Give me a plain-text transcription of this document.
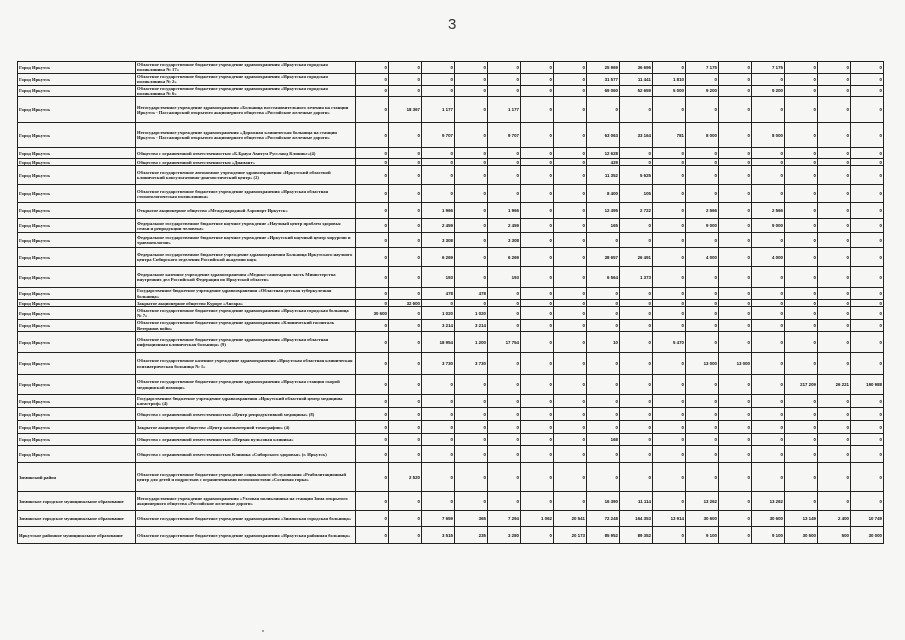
3
Город Иркутск	Областное государственное бюджетное учреждение здравоохранения «Иркутская городская поликлиника № 17»	0	0	0	0	0	0	0	25 969	36 696	0	7 175	0	7 175	0	0	0
Город Иркутск	Областное государственное бюджетное учреждение здравоохранения «Иркутская городская поликлиника № 2»	0	0	0	0	0	0	0	31 577	11 441	1 810	0	0	0	0	0	0
Город Иркутск	Областное государственное бюджетное учреждение здравоохранения «Иркутская городская поликлиника № 6»	0	0	0	0	0	0	0	69 060	52 659	5 000	9 200	0	9 200	0	0	0
Город Иркутск	Негосударственное учреждение здравоохранения «Больница восстановительного лечения на станции Иркутск - Пассажирский открытого акционерного общества «Российские железные дороги»	0	18 367	1 177	0	1 177	0	0	0	0	0	0	0	0	0	0	0
Город Иркутск	Негосударственное учреждение здравоохранения «Дорожная клиническая больница на станции Иркутск - Пассажирский открытого акционерного общества «Российские железные дороги»	0	0	9 707	0	9 707	0	0	63 063	33 164	781	8 000	0	8 000	0	0	0
Город Иркутск	Общество с ограниченной ответственностью «Б.Браун Авитум Руссланд Клиникс»(4)	0	0	0	0	0	0	0	12 628	0	0	0	0	0	0	0	0
Город Иркутск	Общество с ограниченной ответственностью «Диамант»	0	0	0	0	0	0	0	429	0	0	0	0	0	0	0	0
Город Иркутск	Областное государственное автономное учреждение здравоохранения «Иркутский областной клинический консультативно-диагностический центр» (2)	0	0	0	0	0	0	0	11 352	5 625	0	0	0	0	0	0	0
Город Иркутск	Областное государственное бюджетное учреждение здравоохранения «Иркутская областная стоматологическая поликлиника»	0	0	0	0	0	0	0	8 400	105	0	0	0	0	0	0	0
Город Иркутск	Открытое акционерное общество «Международный Аэропорт Иркутск»	0	0	1 966	0	1 966	0	0	12 495	2 722	0	2 566	0	2 566	0	0	0
Город Иркутск	Федеральное государственное бюджетное научное учреждение «Научный центр проблем здоровья семьи и репродукции человека»	0	0	2 459	0	2 459	0	0	165	0	0	9 000	0	9 000	0	0	0
Город Иркутск	Федеральное государственное бюджетное научное учреждение «Иркутский научный центр хирургии и травматологии»	0	0	3 308	0	3 308	0	0	0	0	0	0	0	0	0	0	0
Город Иркутск	Федеральное государственное бюджетное учреждение здравоохранения Больница Иркутского научного центра Сибирского отделения Российской академии наук	0	0	6 269	0	6 269	0	0	38 657	26 491	0	4 000	0	4 000	0	0	0
Город Иркутск	Федеральное казенное учреждение здравоохранения «Медико-санитарная часть Министерства внутренних дел Российской Федерации по Иркутской области»	0	0	193	0	193	0	0	6 564	1 373	0	0	0	0	0	0	0
Город Иркутск	Государственное бюджетное учреждение здравоохранения «Областная детская туберкулезная больница»	0	0	478	478	0	0	0	0	0	0	0	0	0	0	0	0
Город Иркутск	Закрытое акционерное общество Курорт «Ангара»	0	32 600	0	0	0	0	0	0	0	0	0	0	0	0	0	0
Город Иркутск	Областное государственное бюджетное учреждение здравоохранения «Иркутская городская больница № 7»	30 600	0	1 020	1 020	0	0	0	0	0	0	0	0	0	0	0	0
Город Иркутск	Областное государственное бюджетное учреждение здравоохранения «Клинический госпиталь Ветеранов войн»	0	0	3 214	3 214	0	0	0	0	0	0	0	0	0	0	0	0
Город Иркутск	Областное государственное бюджетное учреждение здравоохранения «Иркутская областная инфекционная клиническая больница» (9)	0	0	18 954	1 200	17 754	0	0	10	0	5 470	0	0	0	0	0	0
Город Иркутск	Областное государственное казенное учреждение здравоохранения «Иркутская областная клиническая психиатрическая больница № 1»	0	0	3 730	3 730	0	0	0	0	0	0	13 000	13 000	0	0	0	0
Город Иркутск	Областное государственное бюджетное учреждение здравоохранения «Иркутская станция скорой медицинской помощи»	0	0	0	0	0	0	0	0	0	0	0	0	0	217 209	26 221	190 988
Город Иркутск	Государственное бюджетное учреждение здравоохранения «Иркутский областной центр медицины катастроф» (4)	0	0	0	0	0	0	0	0	0	0	0	0	0	0	0	0
Город Иркутск	Общество с ограниченной ответственностью «Центр репродуктивной медицины» (8)	0	0	0	0	0	0	0	0	0	0	0	0	0	0	0	0
Город Иркутск	Закрытое акционерное общество «Центр компьютерной томографии» (4)	0	0	0	0	0	0	0	0	0	0	0	0	0	0	0	0
Город Иркутск	Общество с ограниченной ответственностью «Первая пульсовая клиника»	0	0	0	0	0	0	0	168	0	0	0	0	0	0	0	0
Город Иркутск	Общество с ограниченной ответственностью Клиника «Сибирского здоровья» (г. Иркутск)	0	0	0	0	0	0	0	0	0	0	0	0	0	0	0	0
Зиминский район	Областное государственное бюджетное учреждение социального обслуживания «Реабилитационный центр для детей и подростков с ограниченными возможностями «Сосновая горка»	0	2 520	0	0	0	0	0	0	0	0	0	0	0	0	0	0
Зиминское городское муниципальное образование	Негосударственное учреждение здравоохранения «Узловая поликлиника на станции Зима открытого акционерного общества «Российские железные дороги»	0	0	0	0	0	0	0	16 390	11 114	0	13 262	0	13 262	0	0	0
Зиминское городское муниципальное образование	Областное государственное бюджетное учреждение здравоохранения «Зиминская городская больница»	0	0	7 659	365	7 294	1 062	20 541	72 248	164 353	13 914	30 600	0	30 600	13 149	2 400	10 749
Иркутское районное муниципальное образование	Областное государственное бюджетное учреждение здравоохранения «Иркутская районная больница»	0	0	3 515	235	3 280	0	20 173	85 952	89 352	0	9 100	0	9 100	30 500	500	30 000
